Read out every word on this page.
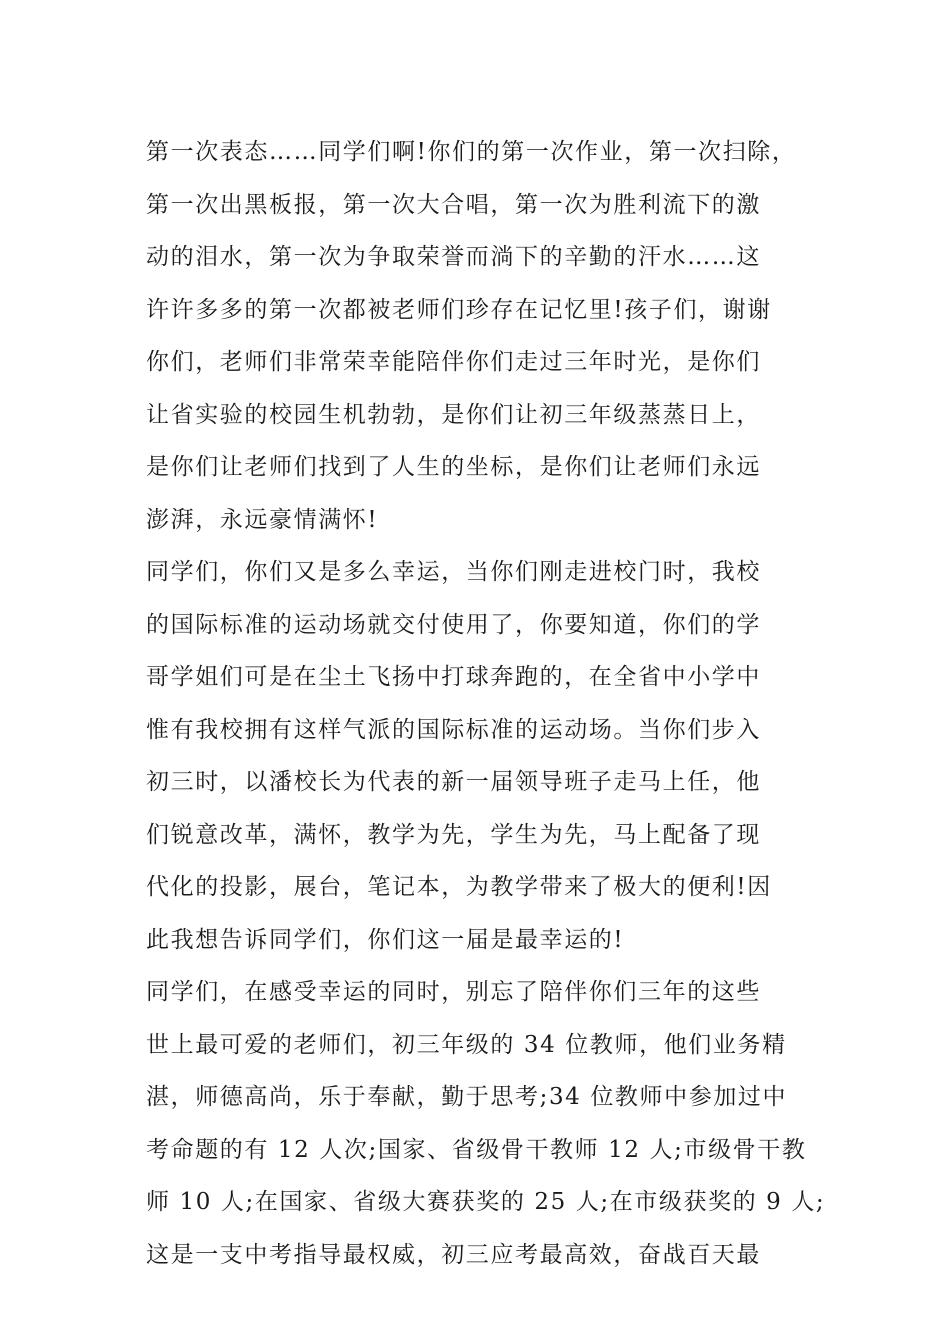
第一次表态……同学们啊!你们的第一次作业，第一次扫除，
第一次出黑板报，第一次大合唱，第一次为胜利流下的激
动的泪水，第一次为争取荣誉而淌下的辛勤的汗水……这
许许多多的第一次都被老师们珍存在记忆里!孩子们，谢谢
你们，老师们非常荣幸能陪伴你们走过三年时光，是你们
让省实验的校园生机勃勃，是你们让初三年级蒸蒸日上，
是你们让老师们找到了人生的坐标，是你们让老师们永远
澎湃，永远豪情满怀!
同学们，你们又是多么幸运，当你们刚走进校门时，我校
的国际标准的运动场就交付使用了，你要知道，你们的学
哥学姐们可是在尘土飞扬中打球奔跑的，在全省中小学中
惟有我校拥有这样气派的国际标准的运动场。当你们步入
初三时，以潘校长为代表的新一届领导班子走马上任，他
们锐意改革，满怀，教学为先，学生为先，马上配备了现
代化的投影，展台，笔记本，为教学带来了极大的便利!因
此我想告诉同学们，你们这一届是最幸运的!
同学们，在感受幸运的同时，别忘了陪伴你们三年的这些
世上最可爱的老师们，初三年级的 34 位教师，他们业务精
湛，师德高尚，乐于奉献，勤于思考;34 位教师中参加过中
考命题的有 12 人次;国家、省级骨干教师 12 人;市级骨干教
师 10 人;在国家、省级大赛获奖的 25 人;在市级获奖的 9 人;
这是一支中考指导最权威，初三应考最高效，奋战百天最
